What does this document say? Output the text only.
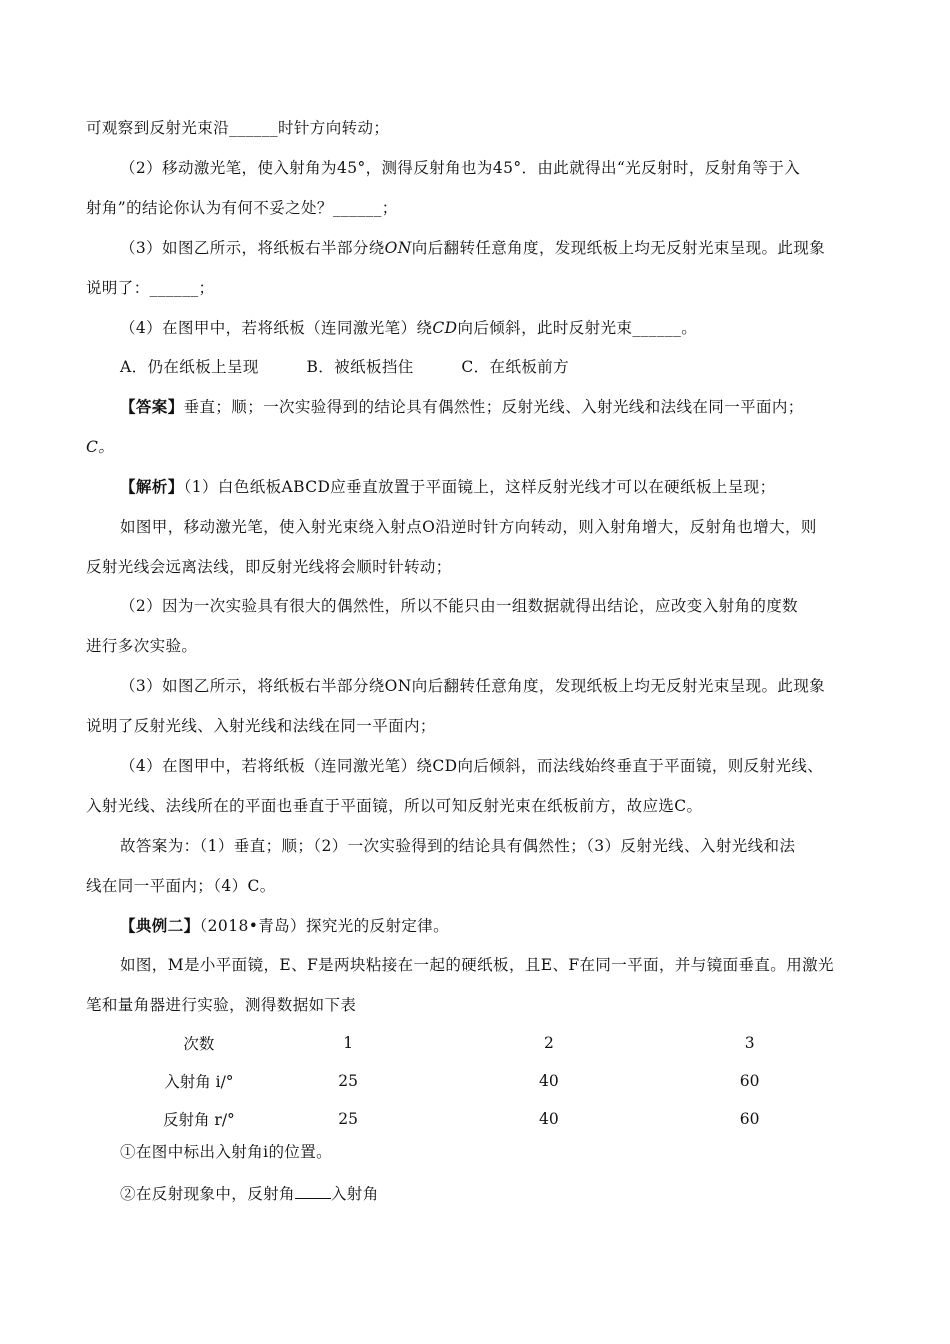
可观察到反射光束沿______时针方向转动；
（2）移动激光笔，使入射角为45°，测得反射角也为45°．由此就得出“光反射时，反射角等于入
射角”的结论你认为有何不妥之处？______；
（3）如图乙所示，将纸板右半部分绕ON向后翻转任意角度，发现纸板上均无反射光束呈现。此现象
说明了：______；
（4）在图甲中，若将纸板（连同激光笔）绕CD向后倾斜，此时反射光束______。
A．仍在纸板上呈现　　　B．被纸板挡住　　　C．在纸板前方
【答案】垂直；顺；一次实验得到的结论具有偶然性；反射光线、入射光线和法线在同一平面内；
C。
【解析】（1）白色纸板ABCD应垂直放置于平面镜上，这样反射光线才可以在硬纸板上呈现；
如图甲，移动激光笔，使入射光束绕入射点O沿逆时针方向转动，则入射角增大，反射角也增大，则
反射光线会远离法线，即反射光线将会顺时针转动；
（2）因为一次实验具有很大的偶然性，所以不能只由一组数据就得出结论，应改变入射角的度数
进行多次实验。
（3）如图乙所示，将纸板右半部分绕ON向后翻转任意角度，发现纸板上均无反射光束呈现。此现象
说明了反射光线、入射光线和法线在同一平面内；
（4）在图甲中，若将纸板（连同激光笔）绕CD向后倾斜，而法线始终垂直于平面镜，则反射光线、
入射光线、法线所在的平面也垂直于平面镜，所以可知反射光束在纸板前方，故应选C。
故答案为：（1）垂直；顺；（2）一次实验得到的结论具有偶然性；（3）反射光线、入射光线和法
线在同一平面内；（4）C。
【典例二】（2018•青岛）探究光的反射定律。
如图，M是小平面镜，E、F是两块粘接在一起的硬纸板，且E、F在同一平面，并与镜面垂直。用激光
笔和量角器进行实验，测得数据如下表
次数	1	2	3
入射角 i/°	25	40	60
反射角 r/°	25	40	60
①在图中标出入射角i的位置。
②在反射现象中，反射角 入射角
